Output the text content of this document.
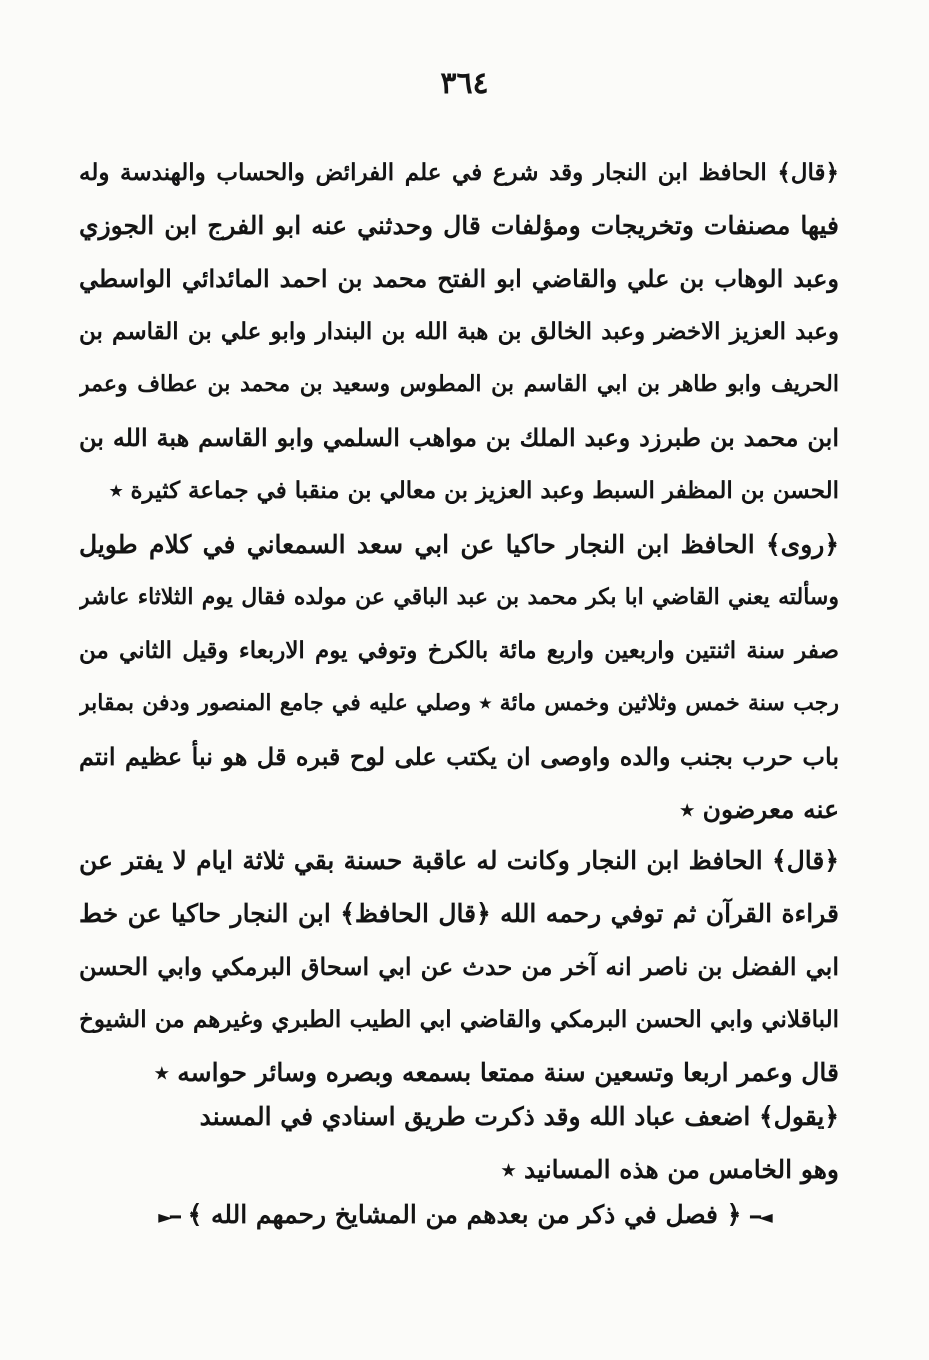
٣٦٤
﴿قال﴾ الحافظ ابن النجار وقد شرع في علم الفرائض والحساب والهندسة وله
فيها مصنفات وتخريجات ومؤلفات قال وحدثني عنه ابو الفرج ابن الجوزي
وعبد الوهاب بن علي والقاضي ابو الفتح محمد بن احمد المائدائي الواسطي
وعبد العزيز الاخضر وعبد الخالق بن هبة الله بن البندار وابو علي بن القاسم بن
الحريف وابو طاهر بن ابي القاسم بن المطوس وسعيد بن محمد بن عطاف وعمر
ابن محمد بن طبرزد وعبد الملك بن مواهب السلمي وابو القاسم هبة الله بن
الحسن بن المظفر السبط وعبد العزيز بن معالي بن منقبا في جماعة كثيرة ٭
﴿روى﴾ الحافظ ابن النجار حاكيا عن ابي سعد السمعاني في كلام طويل
وسألته يعني القاضي ابا بكر محمد بن عبد الباقي عن مولده فقال يوم الثلاثاء عاشر
صفر سنة اثنتين واربعين واربع مائة بالكرخ وتوفي يوم الاربعاء وقيل الثاني من
رجب سنة خمس وثلاثين وخمس مائة ٭ وصلي عليه في جامع المنصور ودفن بمقابر
باب حرب بجنب والده واوصى ان يكتب على لوح قبره قل هو نبأ عظيم انتم
عنه معرضون ٭
﴿قال﴾ الحافظ ابن النجار وكانت له عاقبة حسنة بقي ثلاثة ايام لا يفتر عن
قراءة القرآن ثم توفي رحمه الله ﴿قال الحافظ﴾ ابن النجار حاكيا عن خط
ابي الفضل بن ناصر انه آخر من حدث عن ابي اسحاق البرمكي وابي الحسن
الباقلاني وابي الحسن البرمكي والقاضي ابي الطيب الطبري وغيرهم من الشيوخ
قال وعمر اربعا وتسعين سنة ممتعا بسمعه وبصره وسائر حواسه ٭
﴿يقول﴾ اضعف عباد الله وقد ذكرت طريق اسنادي في المسند
وهو الخامس من هذه المسانيد ٭
◄━ ﴿ فصل في ذكر من بعدهم من المشايخ رحمهم الله ﴾ ━►
